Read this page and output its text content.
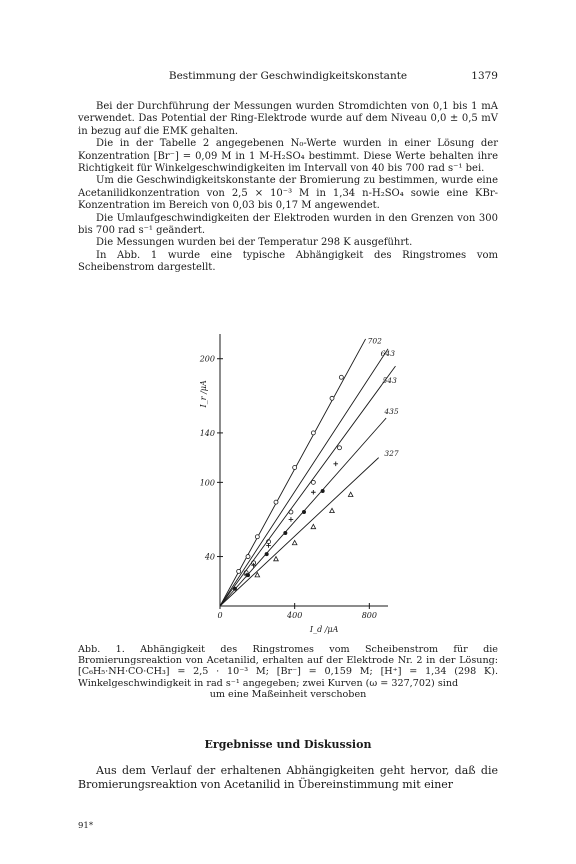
Bestimmung der Geschwindigkeitskonstante	1379

Bei der Durchführung der Messungen wurden Stromdichten von 0,1 bis 1 mA verwendet. Das Potential der Ring-Elektrode wurde auf dem Niveau 0,0 ± 0,5 mV in bezug auf die EMK gehalten.

Die in der Tabelle 2 angegebenen N₀-Werte wurden in einer Lösung der Konzentration [Br⁻] = 0,09 M in 1 M-H₂SO₄ bestimmt. Diese Werte behalten ihre Richtigkeit für Winkelgeschwindigkeiten im Intervall von 40 bis 700 rad s⁻¹ bei.

Um die Geschwindigkeitskonstante der Bromierung zu bestimmen, wurde eine Acetanilidkonzentration von 2,5 × 10⁻³ M in 1,34 n-H₂SO₄ sowie eine KBr-Konzentration im Bereich von 0,03 bis 0,17 M angewendet.

Die Umlaufgeschwindigkeiten der Elektroden wurden in den Grenzen von 300 bis 700 rad s⁻¹ geändert.

Die Messungen wurden bei der Temperatur 298 K ausgeführt.

In Abb. 1 wurde eine typische Abhängigkeit des Ringstromes vom Scheibenstrom dargestellt.

40
100
140
200
0	400	800
I_d /μA
I_r /μA
702
643
543
435
327
Abb. 1. Abhängigkeit des Ringstromes vom Scheibenstrom für die Bromierungsreaktion von Acetanilid, erhalten auf der Elektrode Nr. 2 in der Lösung: [C₆H₅·NH·CO·CH₃] = 2,5 · 10⁻³ M; [Br⁻] = 0,159 M; [H⁺] = 1,34 (298 K). Winkelgeschwindigkeit in rad s⁻¹ angegeben; zwei Kurven (ω = 327,702) sind
um eine Maßeinheit verschoben
Ergebnisse und Diskussion

Aus dem Verlauf der erhaltenen Abhängigkeiten geht hervor, daß die Bromierungsreaktion von Acetanilid in Übereinstimmung mit einer

91*
